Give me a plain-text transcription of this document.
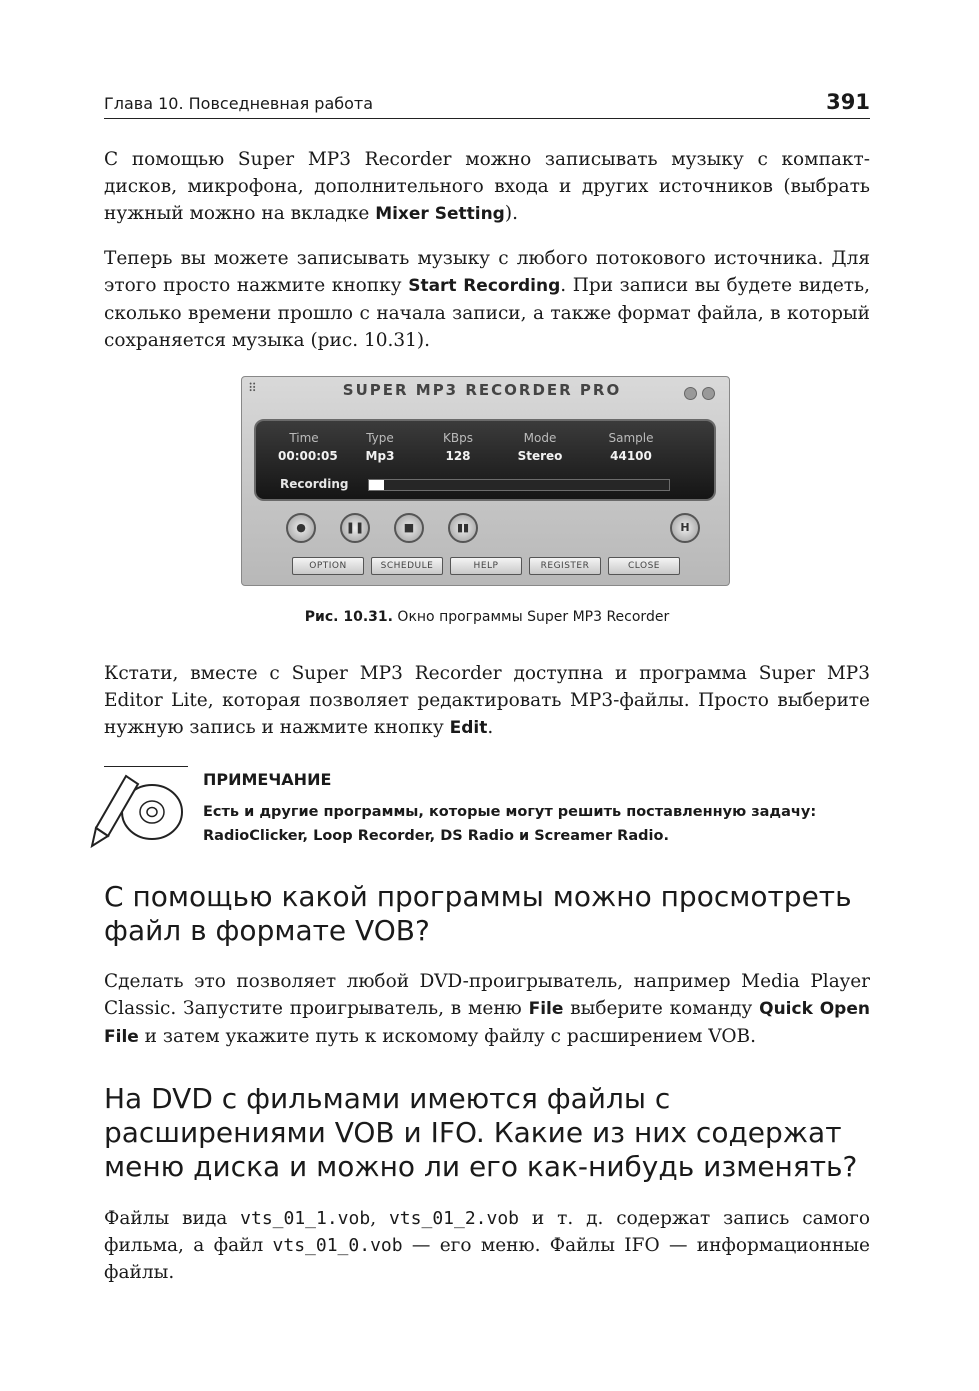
Глава 10. Повседневная работа	391

С помощью Super MP3 Recorder можно записывать музыку с компакт-дисков, микрофона, дополнительного входа и других источников (выбрать нужный можно на вкладке Mixer Setting).

Теперь вы можете записывать музыку с любого потокового источника. Для этого просто нажмите кнопку Start Recording. При записи вы будете видеть, сколько времени прошло с начала записи, а также формат файла, в который сохраняется музыка (рис. 10.31).

⠿	SUPER MP3 RECORDER PRO
Time
00:00:05
Type
Mp3
KBps
128
Mode
Stereo
Sample
44100
Recording
●	❚❚	■	▮▮	H
OPTION	SCHEDULE	HELP	REGISTER	CLOSE
Рис. 10.31. Окно программы Super MP3 Recorder

Кстати, вместе с Super MP3 Recorder доступна и программа Super MP3 Editor Lite, которая позволяет редактировать MP3-файлы. Просто выберите нужную запись и нажмите кнопку Edit.

ПРИМЕЧАНИЕ
Есть и другие программы, которые могут решить поставленную задачу: RadioClicker, Loop Recorder, DS Radio и Screamer Radio.
С помощью какой программы можно просмотреть файл в формате VOB?

Сделать это позволяет любой DVD-проигрыватель, например Media Player Classic. Запустите проигрыватель, в меню File выберите команду Quick Open File и затем укажите путь к искомому файлу с расширением VOB.

На DVD с фильмами имеются файлы с расширениями VOB и IFO. Какие из них содержат меню диска и можно ли его как-нибудь изменять?

Файлы вида vts_01_1.vob, vts_01_2.vob и т. д. содержат запись самого фильма, а файл vts_01_0.vob — его меню. Файлы IFO — информационные файлы.
